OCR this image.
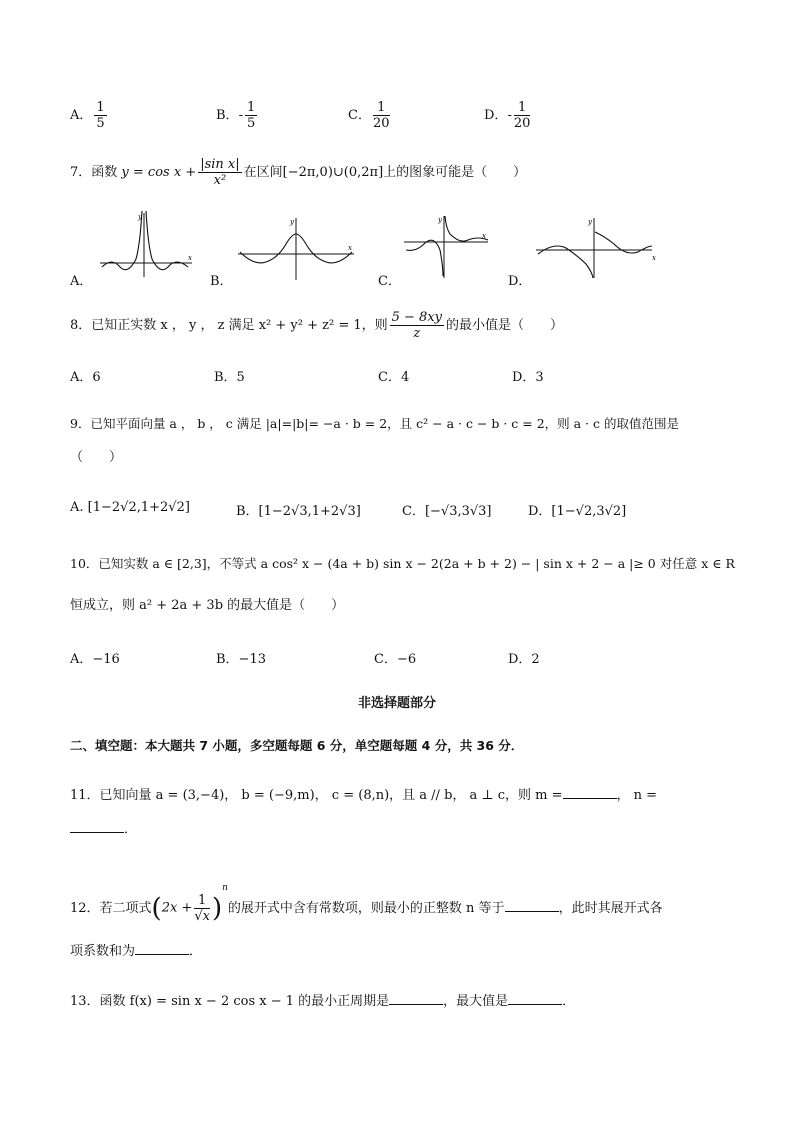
A． $\frac{1}{5}$	B．- $\frac{1}{5}$	C． $\frac{1}{20}$	D．- $\frac{1}{20}$
7．函数 $y = \cos x + \frac{\text{|sin x|}}{\text{x²}}$ 在区间[−2π,0)∪(0,2π]上的图象可能是（　　）
A．
y
x
B．
y
x
C．
y
x
D．
y
x
8．已知正实数 x ， y ， z 满足 x² + y² + z² = 1，则 $\frac{5 - 8xy}{z}$ 的最小值是（　　）
A．6	B．5	C．4	D．3
9．已知平面向量 a ， b ， c 满足 |a|=|b|= −a · b = 2，且 c² − a · c − b · c = 2，则 a · c 的取值范围是
（　　）
A. [1−2√2,1+2√2]	B．[1−2√3,1+2√3]	C．[−√3,3√3]	D．[1−√2,3√2]
10．已知实数 a ∈ [2,3]，不等式 a cos² x − (4a + b) sin x − 2(2a + b + 2) − | sin x + 2 − a |≥ 0 对任意 x ∈ R
恒成立，则 a² + 2a + 3b 的最大值是（　　）
A．−16	B．−13	C．−6	D．2
非选择题部分
二、填空题：本大题共 7 小题，多空题每题 6 分，单空题每题 4 分，共 36 分．
11．已知向量 a = (3,−4)， b = (−9,m)， c = (8,n)，且 a // b， a ⊥ c，则 m =	， n =
．
12．若二项式$(2x + \frac{1}{√x} )^n$的展开式中含有常数项，则最小的正整数 n 等于	，此时其展开式各
项系数和为	．
13．函数 f(x) = sin x − 2 cos x − 1 的最小正周期是	，最大值是	．
